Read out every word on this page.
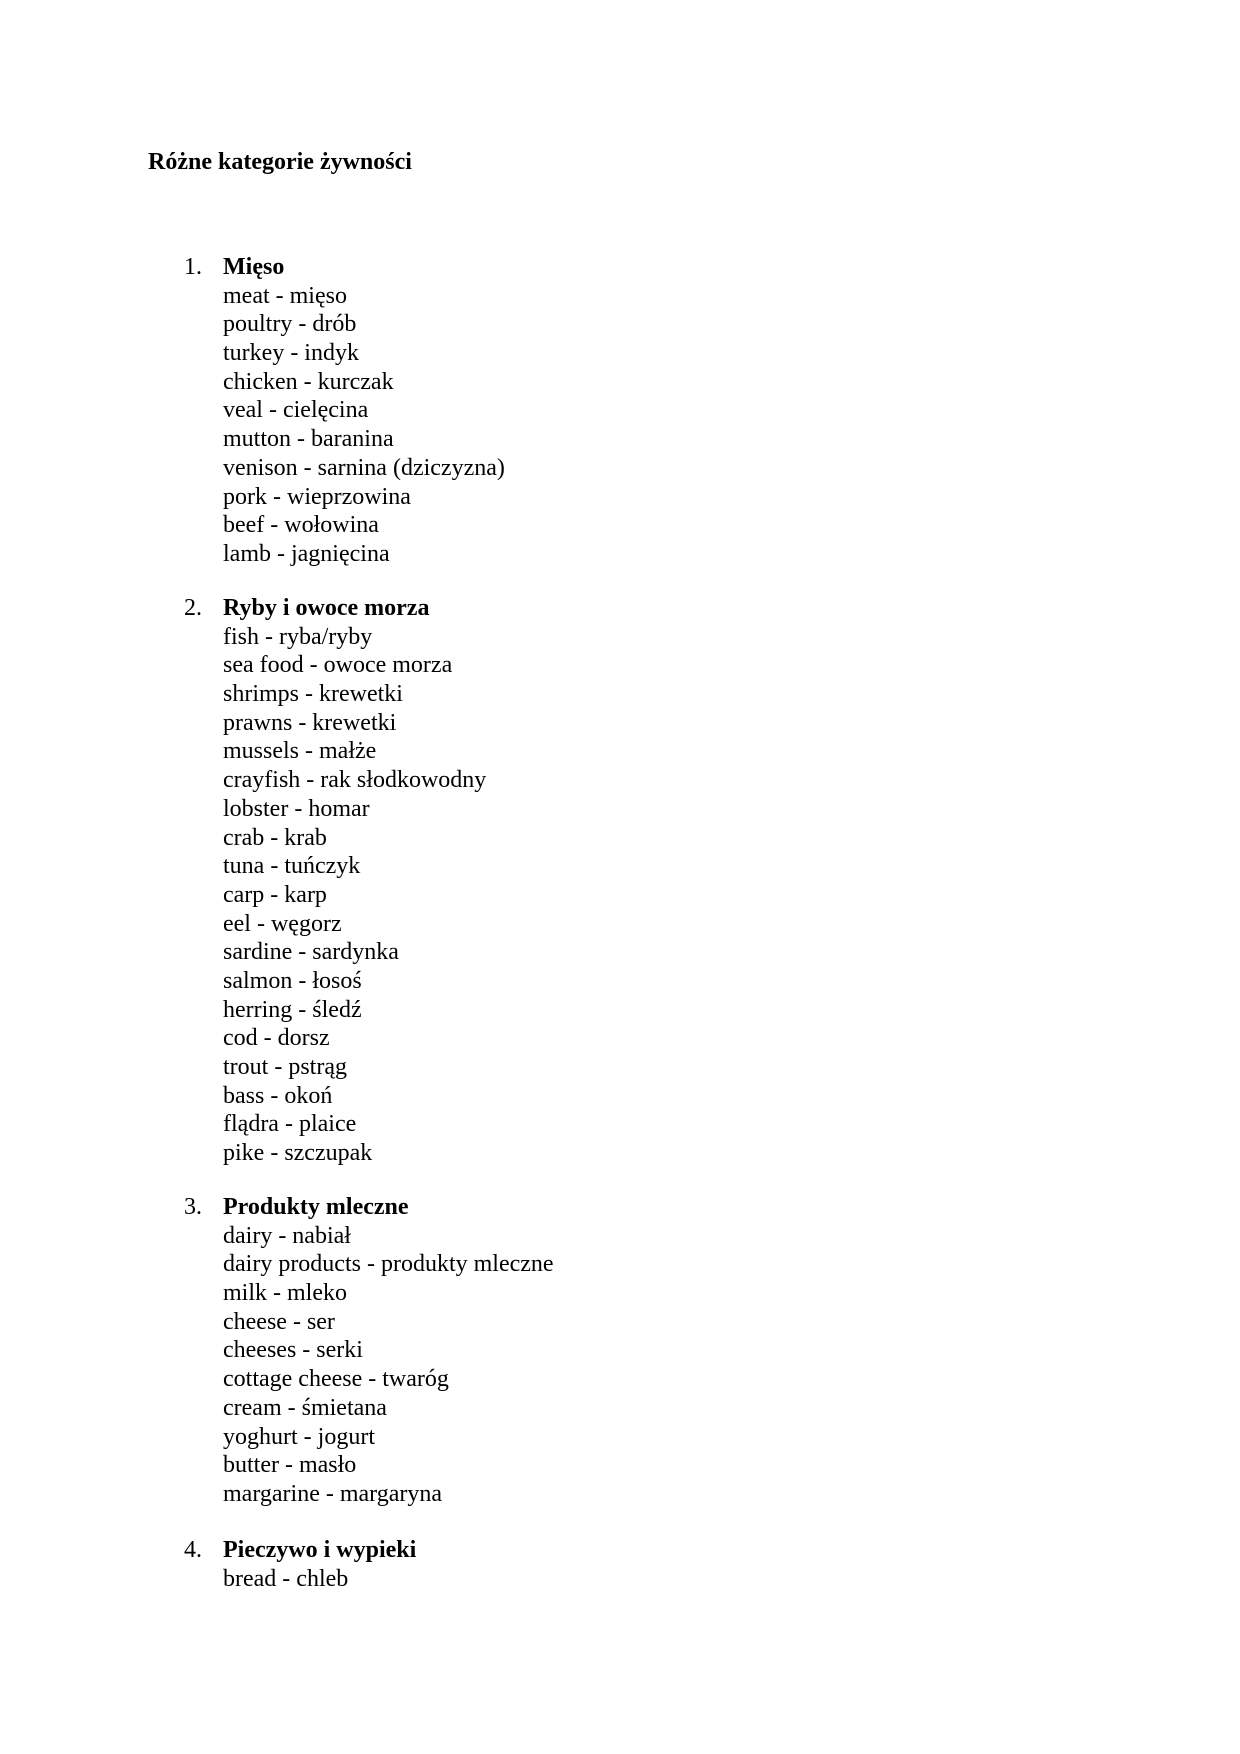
Różne kategorie żywności
1. Mięso
meat - mięso
poultry - drób
turkey - indyk
chicken - kurczak
veal - cielęcina
mutton - baranina
venison - sarnina (dziczyzna)
pork - wieprzowina
beef - wołowina
lamb - jagnięcina
2. Ryby i owoce morza
fish - ryba/ryby
sea food - owoce morza
shrimps - krewetki
prawns - krewetki
mussels - małże
crayfish - rak słodkowodny
lobster - homar
crab - krab
tuna - tuńczyk
carp - karp
eel - węgorz
sardine - sardynka
salmon - łosoś
herring - śledź
cod - dorsz
trout - pstrąg
bass - okoń
flądra - plaice
pike - szczupak
3. Produkty mleczne
dairy - nabiał
dairy products - produkty mleczne
milk - mleko
cheese - ser
cheeses - serki
cottage cheese - twaróg
cream - śmietana
yoghurt - jogurt
butter - masło
margarine - margaryna
4. Pieczywo i wypieki
bread - chleb
